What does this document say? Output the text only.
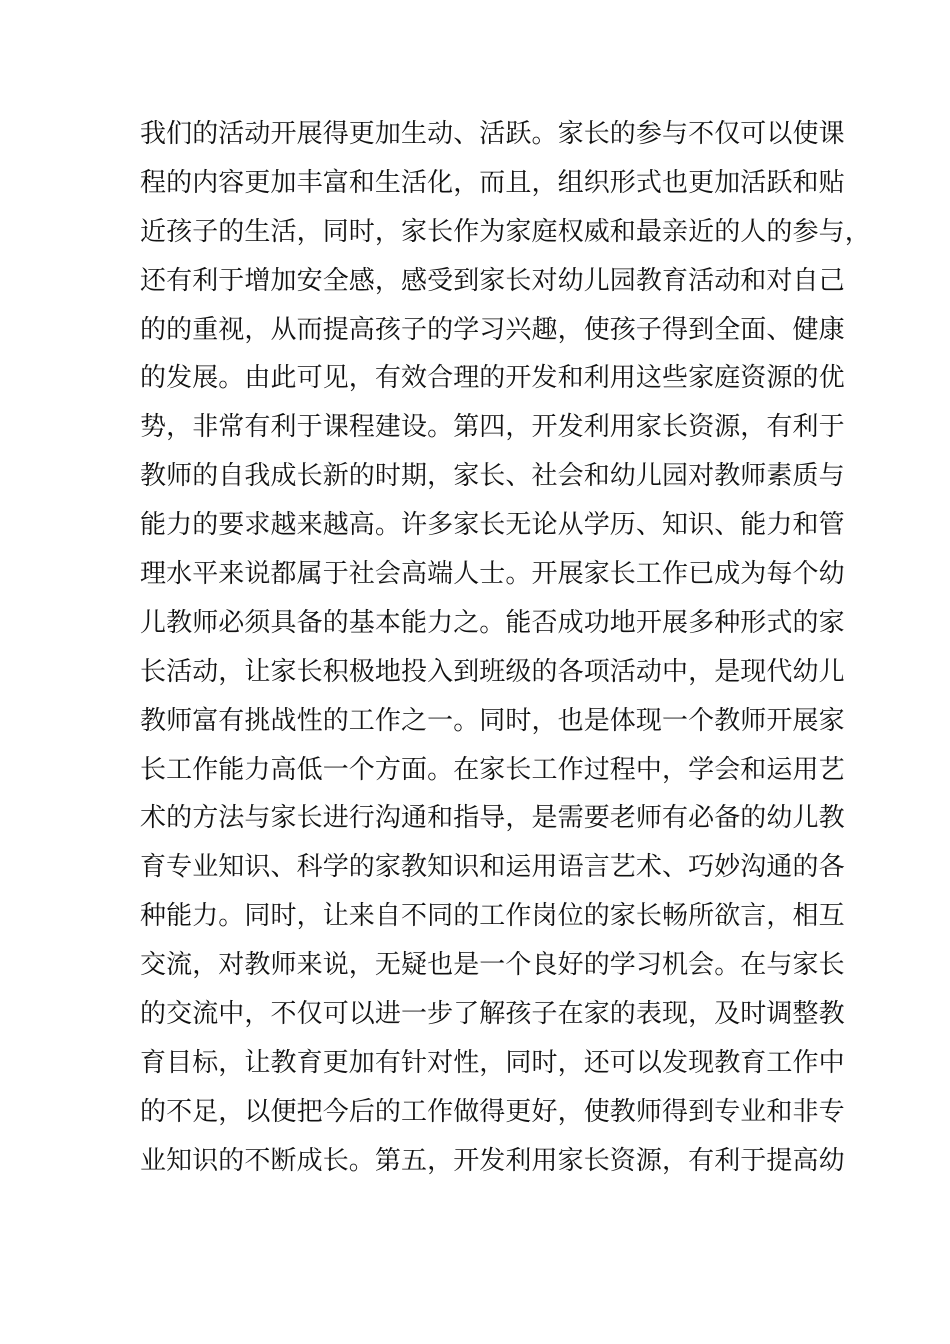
我们的活动开展得更加生动、活跃。家长的参与不仅可以使课
程的内容更加丰富和生活化，而且，组织形式也更加活跃和贴
近孩子的生活，同时，家长作为家庭权威和最亲近的人的参与，
还有利于增加安全感，感受到家长对幼儿园教育活动和对自己
的的重视，从而提高孩子的学习兴趣，使孩子得到全面、健康
的发展。由此可见，有效合理的开发和利用这些家庭资源的优
势，非常有利于课程建设。第四，开发利用家长资源，有利于
教师的自我成长新的时期，家长、社会和幼儿园对教师素质与
能力的要求越来越高。许多家长无论从学历、知识、能力和管
理水平来说都属于社会高端人士。开展家长工作已成为每个幼
儿教师必须具备的基本能力之。能否成功地开展多种形式的家
长活动，让家长积极地投入到班级的各项活动中，是现代幼儿
教师富有挑战性的工作之一。同时，也是体现一个教师开展家
长工作能力高低一个方面。在家长工作过程中，学会和运用艺
术的方法与家长进行沟通和指导，是需要老师有必备的幼儿教
育专业知识、科学的家教知识和运用语言艺术、巧妙沟通的各
种能力。同时，让来自不同的工作岗位的家长畅所欲言，相互
交流，对教师来说，无疑也是一个良好的学习机会。在与家长
的交流中，不仅可以进一步了解孩子在家的表现，及时调整教
育目标，让教育更加有针对性，同时，还可以发现教育工作中
的不足，以便把今后的工作做得更好，使教师得到专业和非专
业知识的不断成长。第五，开发利用家长资源，有利于提高幼
